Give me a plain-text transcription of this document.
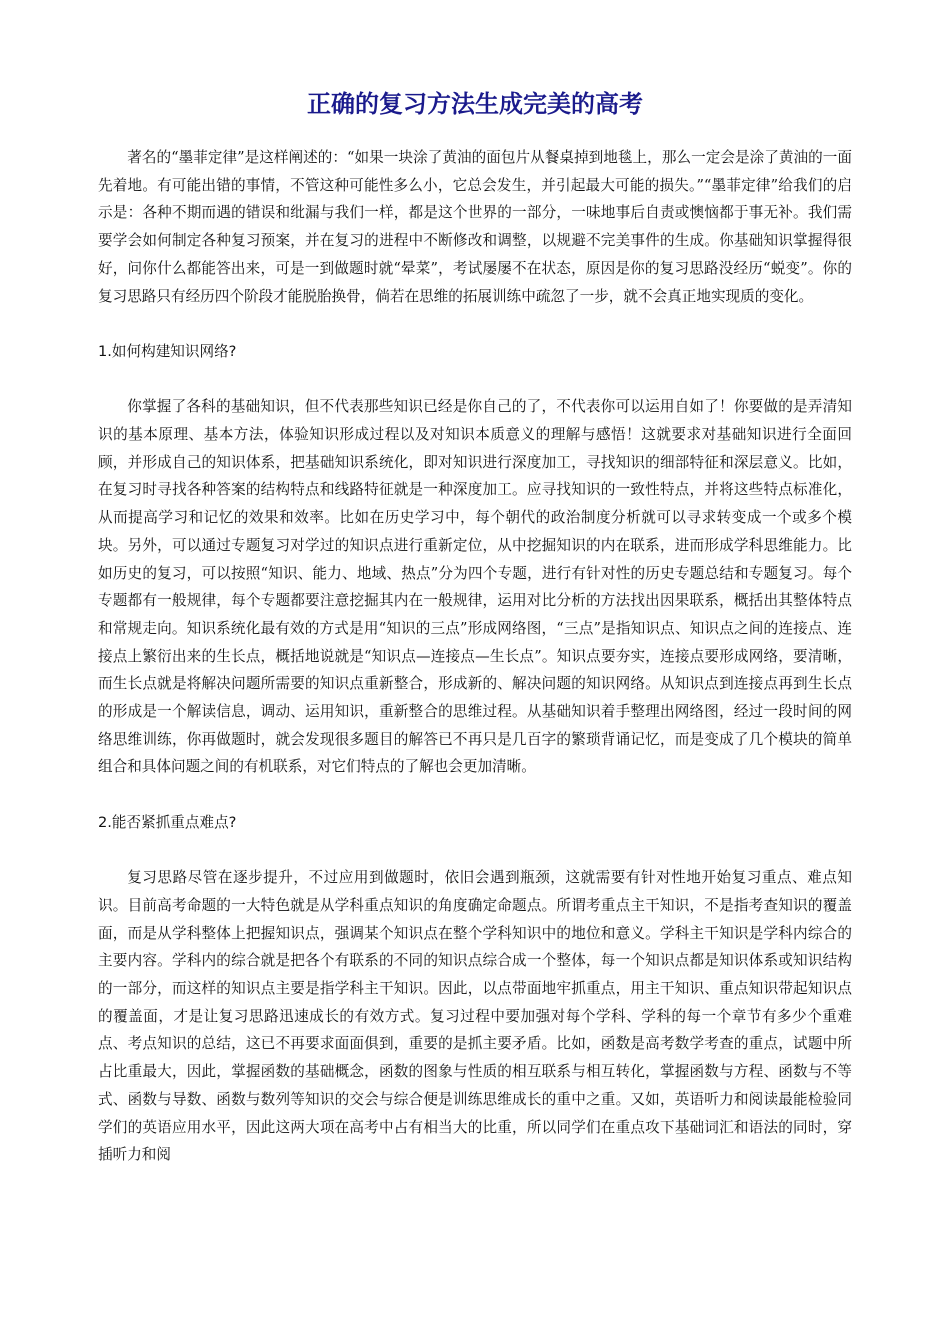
正确的复习方法生成完美的高考

著名的“墨菲定律”是这样阐述的：“如果一块涂了黄油的面包片从餐桌掉到地毯上，那么一定会是涂了黄油的一面先着地。有可能出错的事情，不管这种可能性多么小，它总会发生，并引起最大可能的损失。”“墨菲定律”给我们的启示是：各种不期而遇的错误和纰漏与我们一样，都是这个世界的一部分，一味地事后自责或懊恼都于事无补。我们需要学会如何制定各种复习预案，并在复习的进程中不断修改和调整，以规避不完美事件的生成。你基础知识掌握得很好，问你什么都能答出来，可是一到做题时就“晕菜”，考试屡屡不在状态，原因是你的复习思路没经历“蜕变”。你的复习思路只有经历四个阶段才能脱胎换骨，倘若在思维的拓展训练中疏忽了一步，就不会真正地实现质的变化。

1.如何构建知识网络?

你掌握了各科的基础知识，但不代表那些知识已经是你自己的了，不代表你可以运用自如了！你要做的是弄清知识的基本原理、基本方法，体验知识形成过程以及对知识本质意义的理解与感悟！这就要求对基础知识进行全面回顾，并形成自己的知识体系，把基础知识系统化，即对知识进行深度加工，寻找知识的细部特征和深层意义。比如，在复习时寻找各种答案的结构特点和线路特征就是一种深度加工。应寻找知识的一致性特点，并将这些特点标准化，从而提高学习和记忆的效果和效率。比如在历史学习中，每个朝代的政治制度分析就可以寻求转变成一个或多个模块。另外，可以通过专题复习对学过的知识点进行重新定位，从中挖掘知识的内在联系，进而形成学科思维能力。比如历史的复习，可以按照“知识、能力、地域、热点”分为四个专题，进行有针对性的历史专题总结和专题复习。每个专题都有一般规律，每个专题都要注意挖掘其内在一般规律，运用对比分析的方法找出因果联系，概括出其整体特点和常规走向。知识系统化最有效的方式是用“知识的三点”形成网络图，“三点”是指知识点、知识点之间的连接点、连接点上繁衍出来的生长点，概括地说就是“知识点—连接点—生长点”。知识点要夯实，连接点要形成网络，要清晰，而生长点就是将解决问题所需要的知识点重新整合，形成新的、解决问题的知识网络。从知识点到连接点再到生长点的形成是一个解读信息，调动、运用知识，重新整合的思维过程。从基础知识着手整理出网络图，经过一段时间的网络思维训练，你再做题时，就会发现很多题目的解答已不再只是几百字的繁琐背诵记忆，而是变成了几个模块的简单组合和具体问题之间的有机联系，对它们特点的了解也会更加清晰。

2.能否紧抓重点难点?

复习思路尽管在逐步提升，不过应用到做题时，依旧会遇到瓶颈，这就需要有针对性地开始复习重点、难点知识。目前高考命题的一大特色就是从学科重点知识的角度确定命题点。所谓考重点主干知识，不是指考查知识的覆盖面，而是从学科整体上把握知识点，强调某个知识点在整个学科知识中的地位和意义。学科主干知识是学科内综合的主要内容。学科内的综合就是把各个有联系的不同的知识点综合成一个整体，每一个知识点都是知识体系或知识结构的一部分，而这样的知识点主要是指学科主干知识。因此，以点带面地牢抓重点，用主干知识、重点知识带起知识点的覆盖面，才是让复习思路迅速成长的有效方式。复习过程中要加强对每个学科、学科的每一个章节有多少个重难点、考点知识的总结，这已不再要求面面俱到，重要的是抓主要矛盾。比如，函数是高考数学考查的重点，试题中所占比重最大，因此，掌握函数的基础概念，函数的图象与性质的相互联系与相互转化，掌握函数与方程、函数与不等式、函数与导数、函数与数列等知识的交会与综合便是训练思维成长的重中之重。又如，英语听力和阅读最能检验同学们的英语应用水平，因此这两大项在高考中占有相当大的比重，所以同学们在重点攻下基础词汇和语法的同时，穿插听力和阅
